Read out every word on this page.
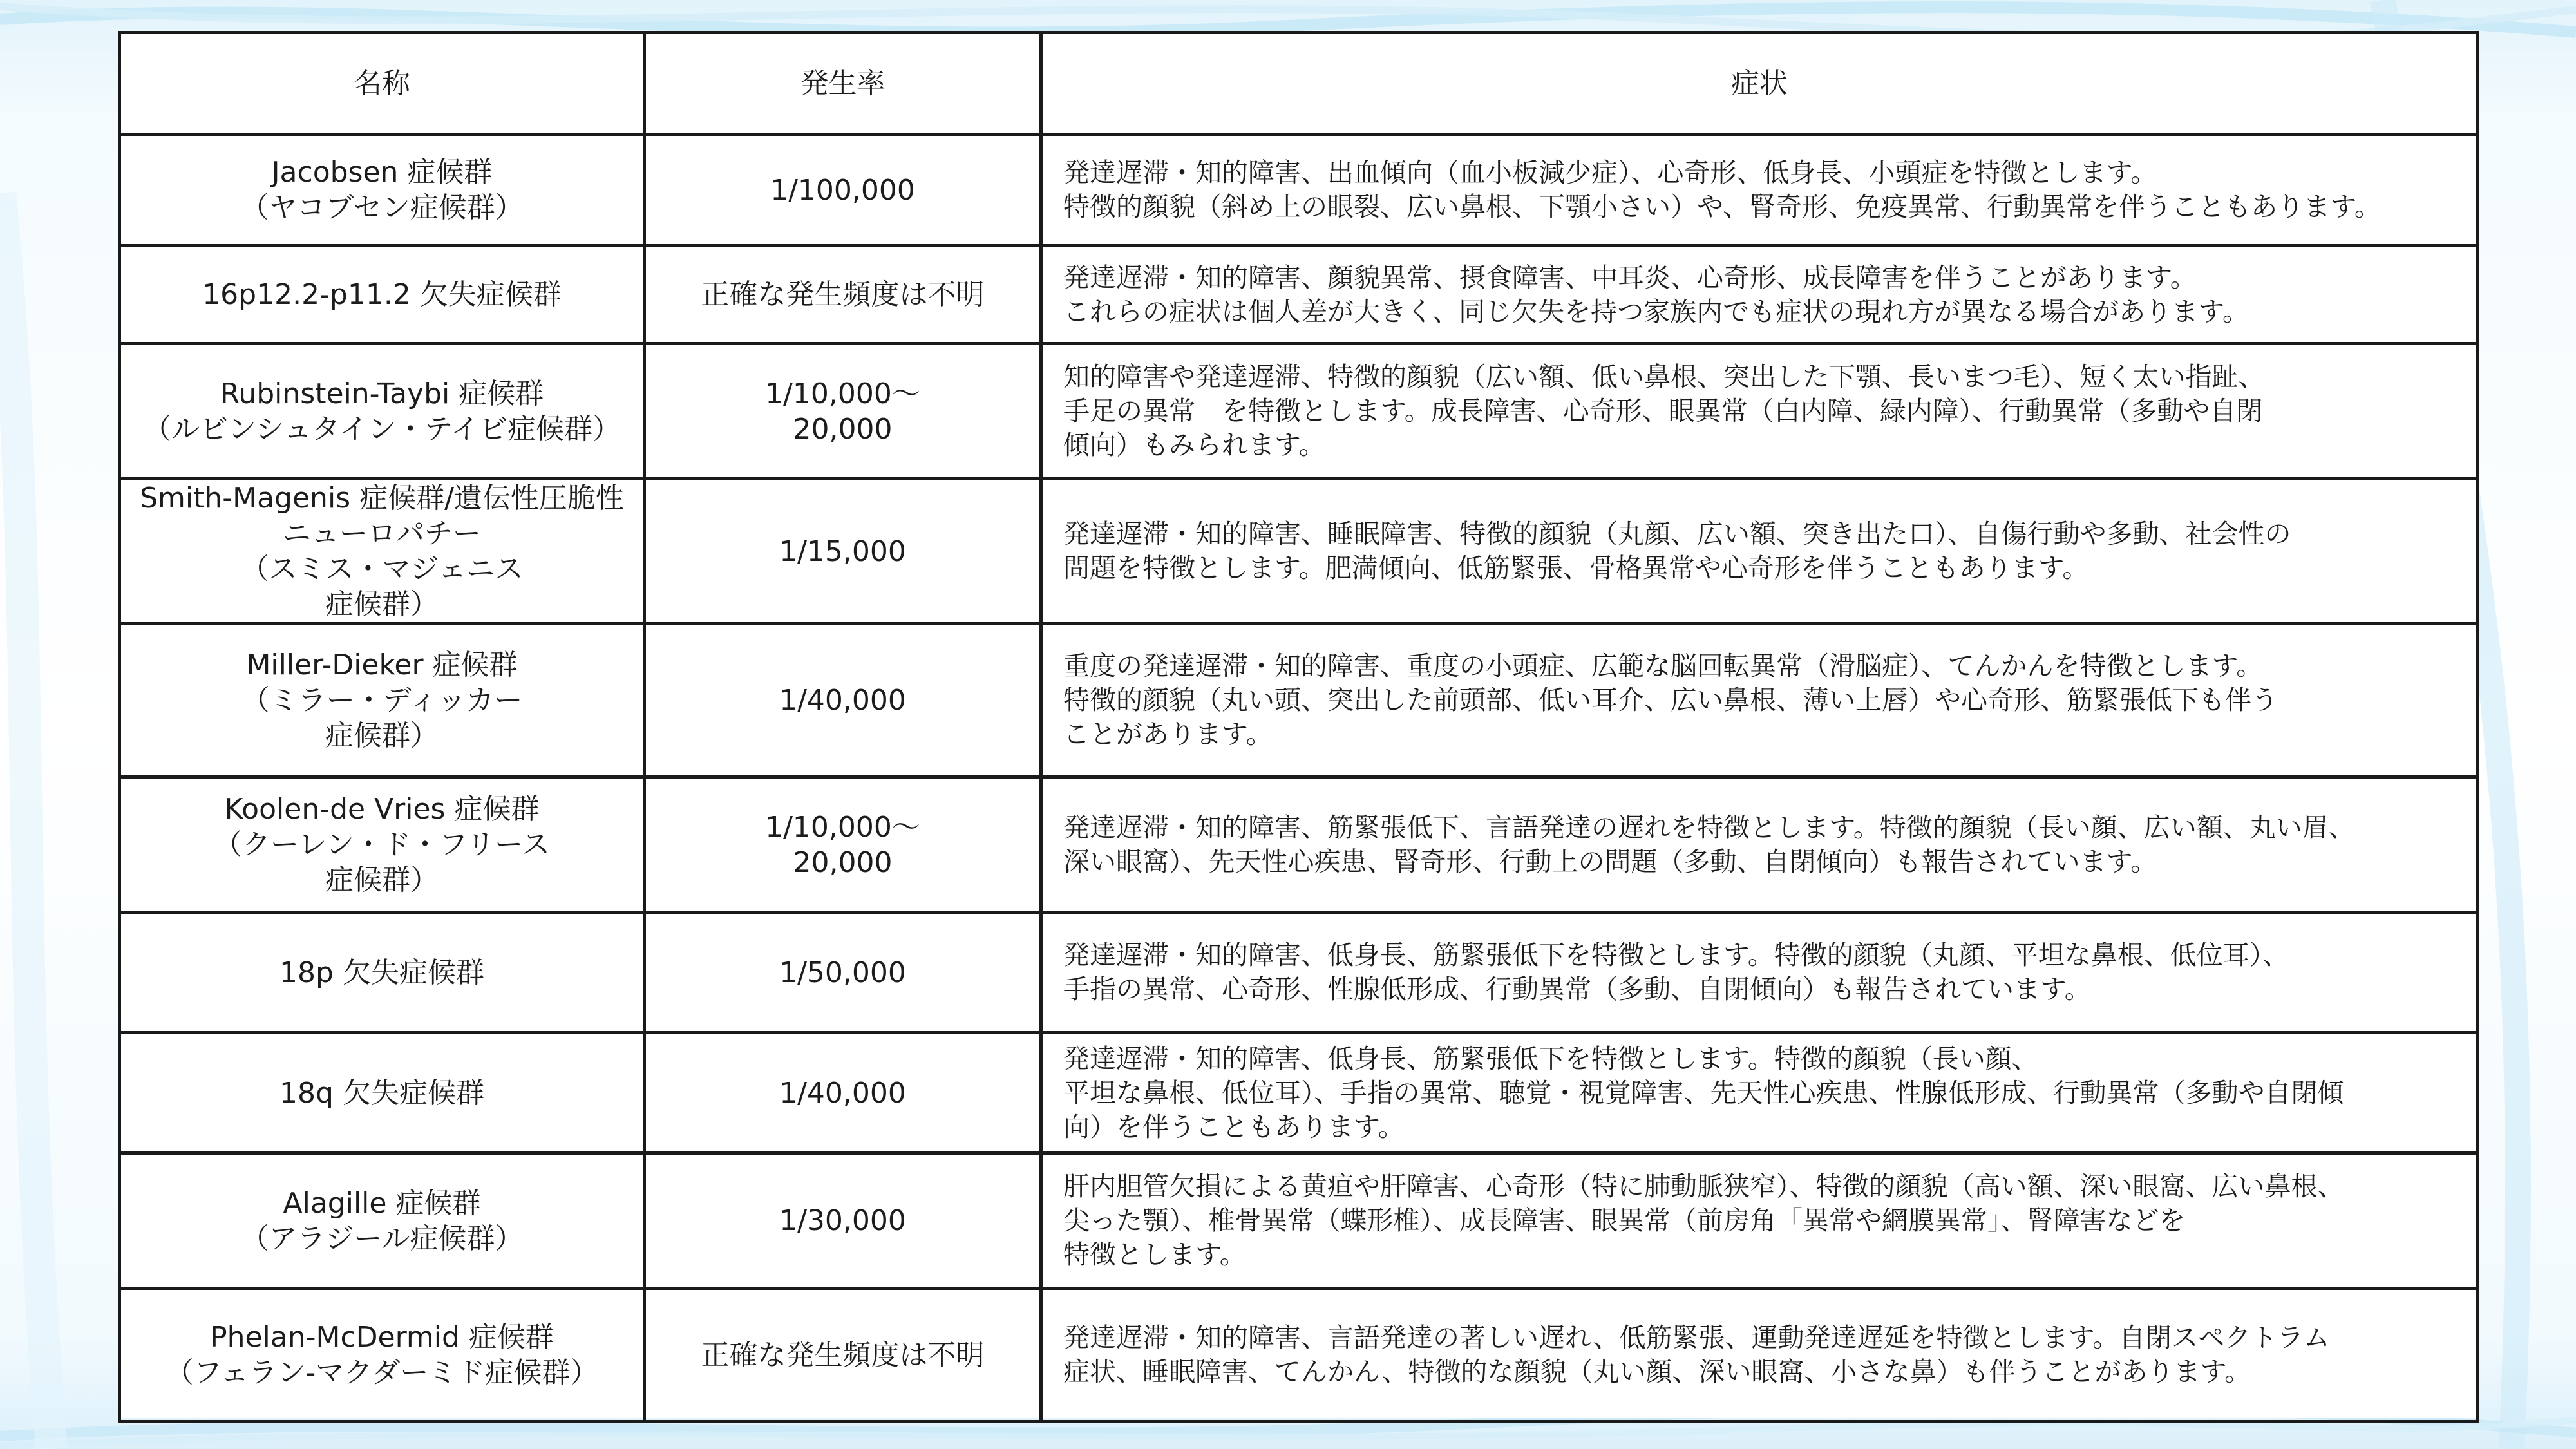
名称	発生率	症状

Jacobsen 症候群
（ヤコブセン症候群）	1/100,000	発達遅滞・知的障害、出血傾向（血小板減少症）、心奇形、低身長、小頭症を特徴とします。
特徴的顔貌（斜め上の眼裂、広い鼻根、下顎小さい）や、腎奇形、免疫異常、行動異常を伴うこともあります。

16p12.2-p11.2 欠失症候群	正確な発生頻度は不明	発達遅滞・知的障害、顔貌異常、摂食障害、中耳炎、心奇形、成長障害を伴うことがあります。
これらの症状は個人差が大きく、同じ欠失を持つ家族内でも症状の現れ方が異なる場合があります。

Rubinstein-Taybi 症候群
（ルビンシュタイン・テイビ症候群）	1/10,000～
20,000	知的障害や発達遅滞、特徴的顔貌（広い額、低い鼻根、突出した下顎、長いまつ毛）、短く太い指趾、
手足の異常　を特徴とします。成長障害、心奇形、眼異常（白内障、緑内障）、行動異常（多動や自閉
傾向）もみられます。

Smith-Magenis 症候群/遺伝性圧脆性
ニューロパチー
（スミス・マジェニス
症候群）	1/15,000	発達遅滞・知的障害、睡眠障害、特徴的顔貌（丸顔、広い額、突き出た口）、自傷行動や多動、社会性の
問題を特徴とします。肥満傾向、低筋緊張、骨格異常や心奇形を伴うこともあります。

Miller-Dieker 症候群
（ミラー・ディッカー
症候群）	1/40,000	重度の発達遅滞・知的障害、重度の小頭症、広範な脳回転異常（滑脳症）、てんかんを特徴とします。
特徴的顔貌（丸い頭、突出した前頭部、低い耳介、広い鼻根、薄い上唇）や心奇形、筋緊張低下も伴う
ことがあります。

Koolen-de Vries 症候群
（クーレン・ド・フリース
症候群）	1/10,000～
20,000	発達遅滞・知的障害、筋緊張低下、言語発達の遅れを特徴とします。特徴的顔貌（長い顔、広い額、丸い眉、
深い眼窩）、先天性心疾患、腎奇形、行動上の問題（多動、自閉傾向）も報告されています。

18p 欠失症候群	1/50,000	発達遅滞・知的障害、低身長、筋緊張低下を特徴とします。特徴的顔貌（丸顔、平坦な鼻根、低位耳）、
手指の異常、心奇形、性腺低形成、行動異常（多動、自閉傾向）も報告されています。

18q 欠失症候群	1/40,000	発達遅滞・知的障害、低身長、筋緊張低下を特徴とします。特徴的顔貌（長い顔、
平坦な鼻根、低位耳）、手指の異常、聴覚・視覚障害、先天性心疾患、性腺低形成、行動異常（多動や自閉傾
向）を伴うこともあります。

Alagille 症候群
（アラジール症候群）	1/30,000	肝内胆管欠損による黄疸や肝障害、心奇形（特に肺動脈狭窄）、特徴的顔貌（高い額、深い眼窩、広い鼻根、
尖った顎）、椎骨異常（蝶形椎）、成長障害、眼異常（前房角「異常や網膜異常」、腎障害などを
特徴とします。

Phelan-McDermid 症候群
（フェラン-マクダーミド症候群）	正確な発生頻度は不明	発達遅滞・知的障害、言語発達の著しい遅れ、低筋緊張、運動発達遅延を特徴とします。自閉スペクトラム
症状、睡眠障害、てんかん、特徴的な顔貌（丸い顔、深い眼窩、小さな鼻）も伴うことがあります。
